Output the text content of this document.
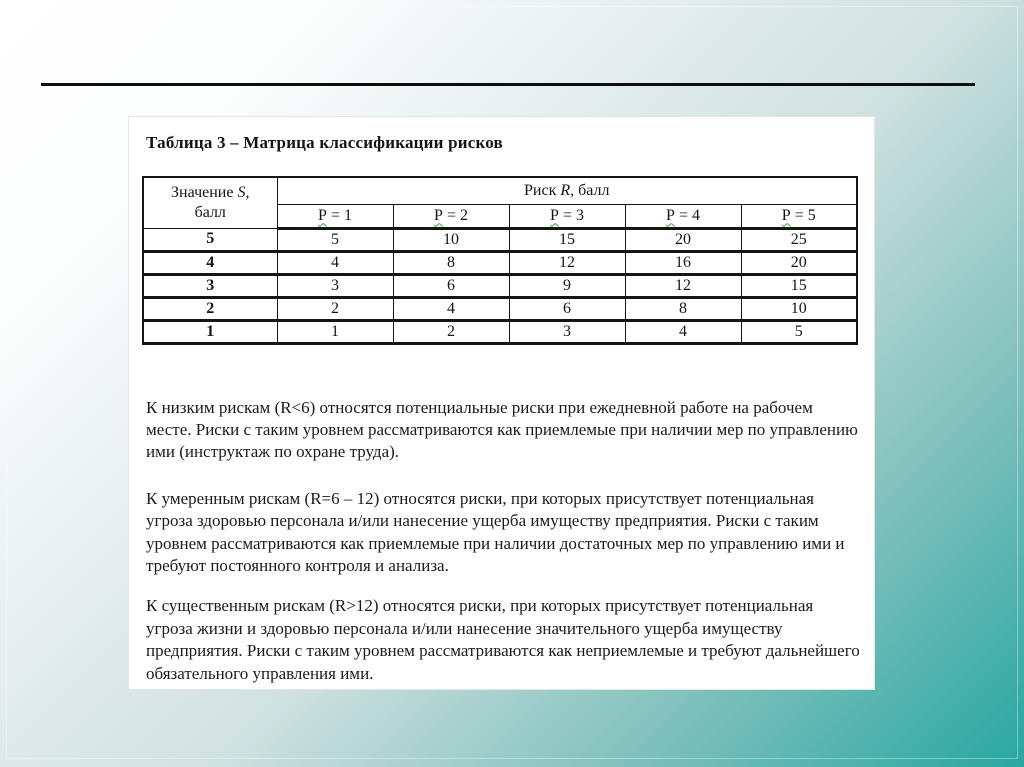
Таблица 3 – Матрица классификации рисков
Значение S,
балл	Риск R, балл				
	P = 1	P = 2	P = 3	P = 4	P = 5
5	5	10	15	20	25
4	4	8	12	16	20
3	3	6	9	12	15
2	2	4	6	8	10
1	1	2	3	4	5

К низким рискам (R<6) относятся потенциальные риски при ежедневной работе на рабочем месте. Риски с таким уровнем рассматриваются как приемлемые при наличии мер по управлению ими (инструктаж по охране труда).

К умеренным рискам (R=6 – 12) относятся риски, при которых присутствует потенциальная угроза здоровью персонала и/или нанесение ущерба имуществу предприятия. Риски с таким уровнем рассматриваются как приемлемые при наличии достаточных мер по управлению ими и требуют постоянного контроля и анализа.

К существенным рискам (R>12) относятся риски, при которых присутствует потенциальная угроза жизни и здоровью персонала и/или нанесение значительного ущерба имуществу предприятия. Риски с таким уровнем рассматриваются как неприемлемые и требуют дальнейшего обязательного управления ими.
